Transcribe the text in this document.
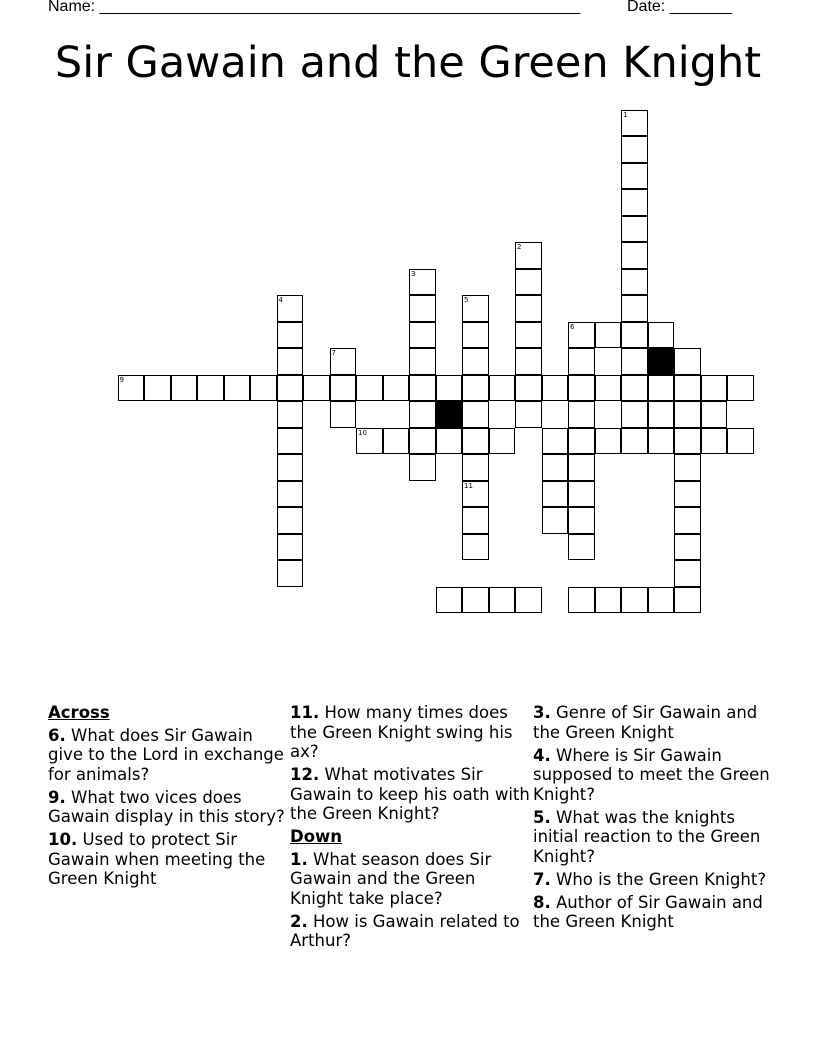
Name: ______________________________________________________	Date: _______
Sir Gawain and the Green Knight
1
2
3
4	5
11
6
7
9
10
Across
6. What does Sir Gawain give to the Lord in exchange for animals?
9. What two vices does Gawain display in this story?
10. Used to protect Sir Gawain when meeting the Green Knight
11. How many times does the Green Knight swing his ax?
12. What motivates Sir Gawain to keep his oath with the Green Knight?
Down
1. What season does Sir Gawain and the Green Knight take place?
2. How is Gawain related to Arthur?
3. Genre of Sir Gawain and the Green Knight
4. Where is Sir Gawain supposed to meet the Green Knight?
5. What was the knights initial reaction to the Green Knight?
7. Who is the Green Knight?
8. Author of Sir Gawain and the Green Knight
